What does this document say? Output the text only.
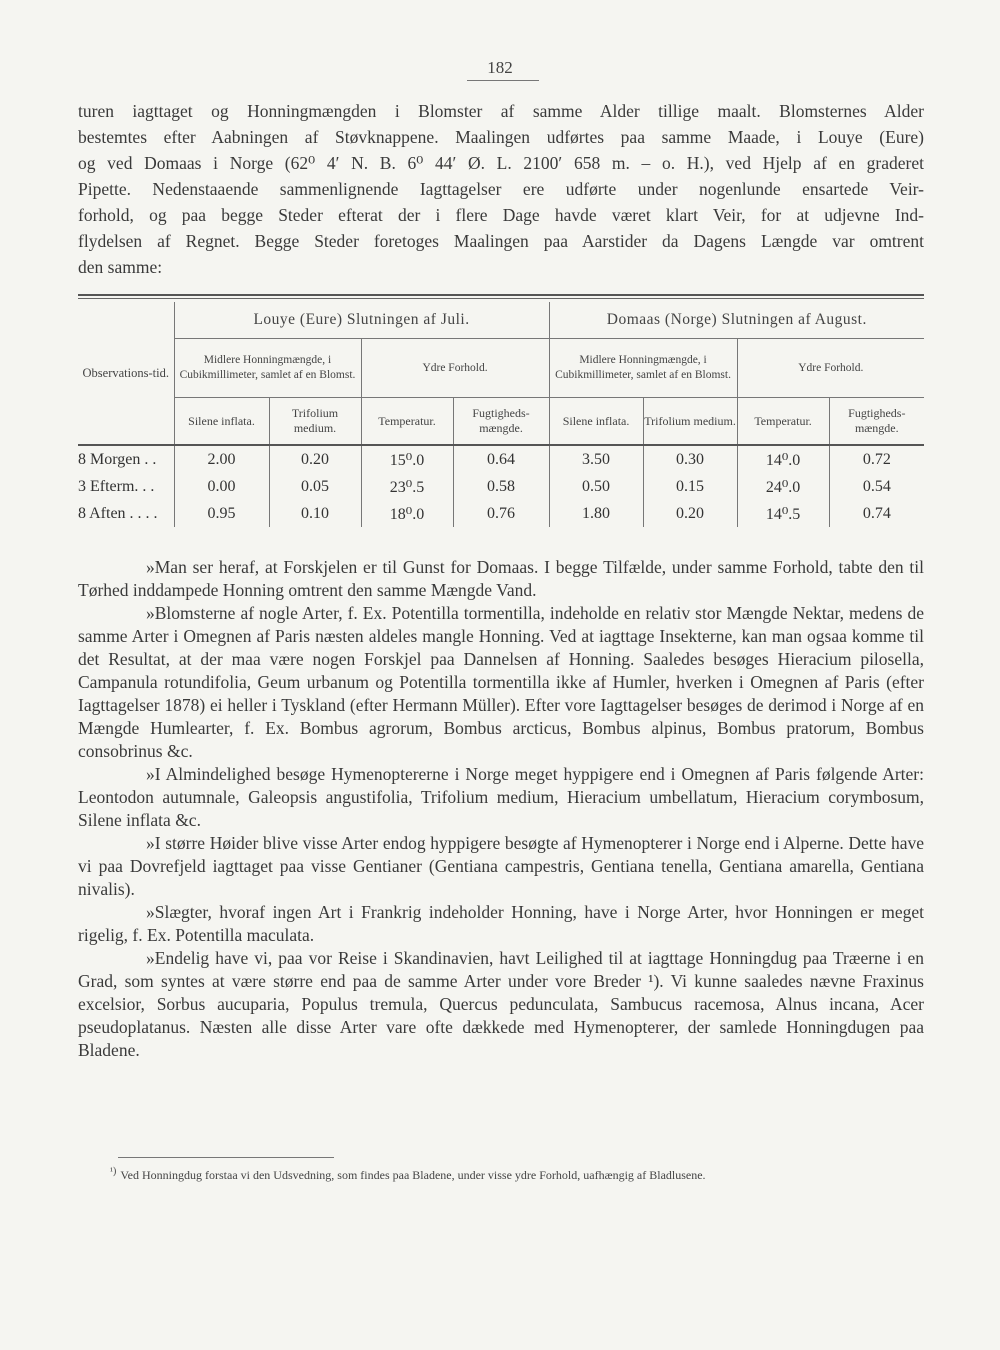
182
turen iagttaget og Honningmængden i Blomster af samme Alder tillige maalt. Blomsternes Alder
bestemtes efter Aabningen af Støvknappene. Maalingen udførtes paa samme Maade, i Louye (Eure)
og ved Domaas i Norge (62⁰ 4′ N. B. 6⁰ 44′ Ø. L. 2100′ 658 m. – o. H.), ved Hjelp af en graderet
Pipette. Nedenstaaende sammenlignende Iagttagelser ere udførte under nogenlunde ensartede Veir-
forhold, og paa begge Steder efterat der i flere Dage havde været klart Veir, for at udjevne Ind-
flydelsen af Regnet. Begge Steder foretoges Maalingen paa Aarstider da Dagens Længde var omtrent
den samme:
Observations-tid.	Louye (Eure) Slutningen af Juli.				Domaas (Norge) Slutningen af August.			
	Midlere Honningmængde, i Cubikmillimeter, samlet af en Blomst.		Ydre Forhold.		Midlere Honningmængde, i Cubikmillimeter, samlet af en Blomst.		Ydre Forhold.	
	Silene inflata.	Trifolium medium.	Temperatur.	Fugtigheds-mængde.	Silene inflata.	Trifolium medium.	Temperatur.	Fugtigheds-mængde.
8 Morgen . .	2.00	0.20	15⁰.0	0.64	3.50	0.30	14⁰.0	0.72
3 Efterm. . .	0.00	0.05	23⁰.5	0.58	0.50	0.15	24⁰.0	0.54
8 Aften . . . .	0.95	0.10	18⁰.0	0.76	1.80	0.20	14⁰.5	0.74

»Man ser heraf, at Forskjelen er til Gunst for Domaas. I begge Tilfælde, under samme Forhold, tabte den til Tørhed inddampede Honning omtrent den samme Mængde Vand.

»Blomsterne af nogle Arter, f. Ex. Potentilla tormentilla, indeholde en relativ stor Mængde Nektar, medens de samme Arter i Omegnen af Paris næsten aldeles mangle Honning. Ved at iagttage Insekterne, kan man ogsaa komme til det Resultat, at der maa være nogen Forskjel paa Dannelsen af Honning. Saaledes besøges Hieracium pilosella, Campanula rotundifolia, Geum urbanum og Potentilla tormentilla ikke af Humler, hverken i Omegnen af Paris (efter Iagttagelser 1878) ei heller i Tyskland (efter Hermann Müller). Efter vore Iagttagelser besøges de derimod i Norge af en Mængde Humlearter, f. Ex. Bombus agrorum, Bombus arcticus, Bombus alpinus, Bombus pratorum, Bombus consobrinus &c.

»I Almindelighed besøge Hymenoptererne i Norge meget hyppigere end i Omegnen af Paris følgende Arter: Leontodon autumnale, Galeopsis angustifolia, Trifolium medium, Hieracium umbellatum, Hieracium corymbosum, Silene inflata &c.

»I større Høider blive visse Arter endog hyppigere besøgte af Hymenopterer i Norge end i Alperne. Dette have vi paa Dovrefjeld iagttaget paa visse Gentianer (Gentiana campestris, Gentiana tenella, Gentiana amarella, Gentiana nivalis).

»Slægter, hvoraf ingen Art i Frankrig indeholder Honning, have i Norge Arter, hvor Honningen er meget rigelig, f. Ex. Potentilla maculata.

»Endelig have vi, paa vor Reise i Skandinavien, havt Leilighed til at iagttage Honningdug paa Træerne i en Grad, som syntes at være større end paa de samme Arter under vore Breder ¹). Vi kunne saaledes nævne Fraxinus excelsior, Sorbus aucuparia, Populus tremula, Quercus pedunculata, Sambucus racemosa, Alnus incana, Acer pseudoplatanus. Næsten alle disse Arter vare ofte dækkede med Hymenopterer, der samlede Honningdugen paa Bladene.

$^{^1)}$ Ved Honningdug forstaa vi den Udsvedning, som findes paa Bladene, under visse ydre Forhold, uafhængig af Bladlusene.
